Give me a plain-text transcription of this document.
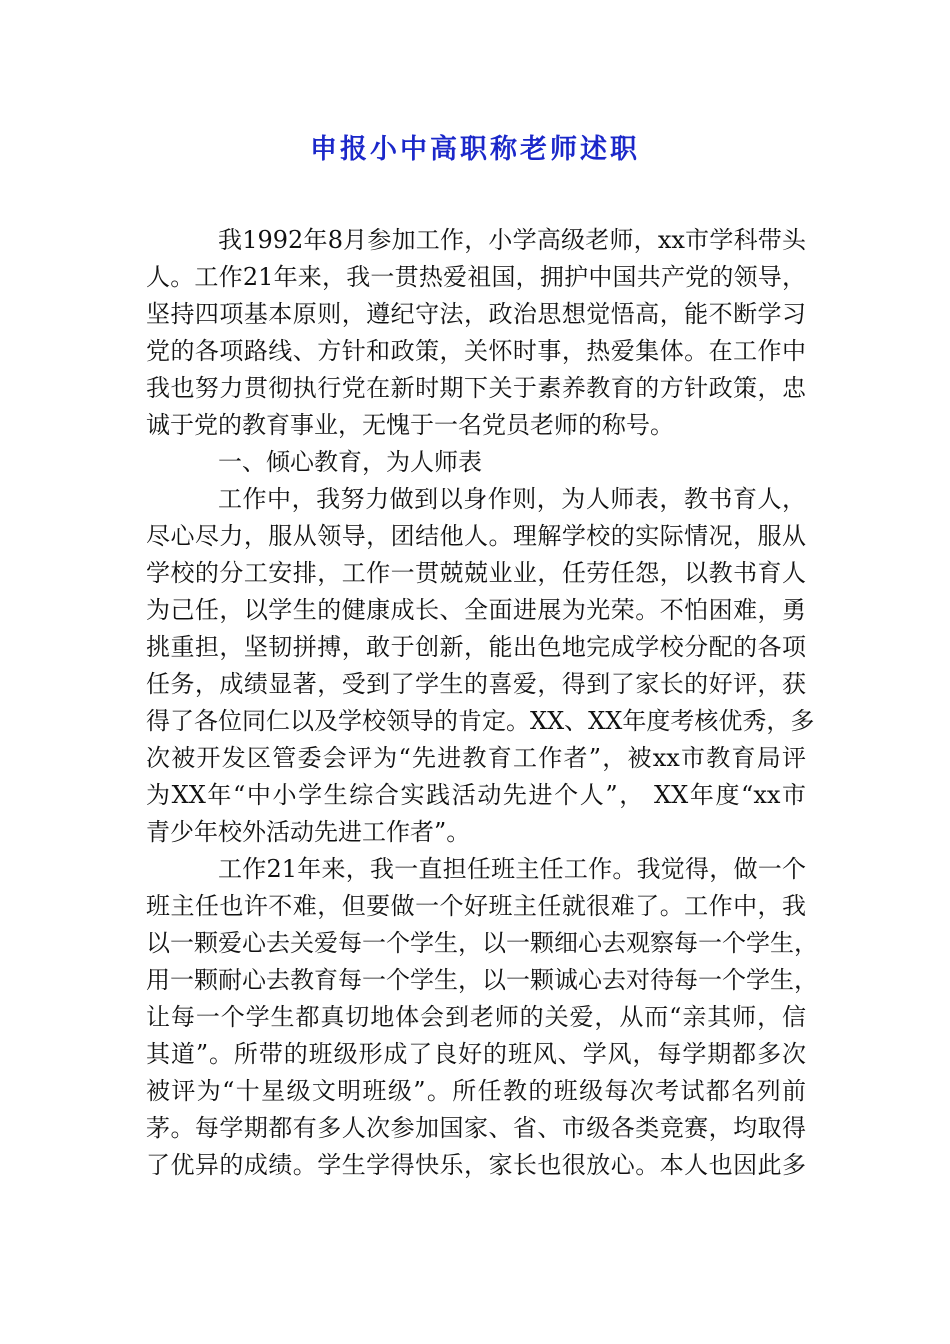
申报小中高职称老师述职
我1992年8月参加工作，小学高级老师，xx市学科带头
人。工作21年来，我一贯热爱祖国，拥护中国共产党的领导，
坚持四项基本原则，遵纪守法，政治思想觉悟高，能不断学习
党的各项路线、方针和政策，关怀时事，热爱集体。在工作中
我也努力贯彻执行党在新时期下关于素养教育的方针政策，忠
诚于党的教育事业，无愧于一名党员老师的称号。
一、倾心教育，为人师表
工作中，我努力做到以身作则，为人师表，教书育人，
尽心尽力，服从领导，团结他人。理解学校的实际情况，服从
学校的分工安排，工作一贯兢兢业业，任劳任怨，以教书育人
为己任，以学生的健康成长、全面进展为光荣。不怕困难，勇
挑重担，坚韧拼搏，敢于创新，能出色地完成学校分配的各项
任务，成绩显著，受到了学生的喜爱，得到了家长的好评，获
得了各位同仁以及学校领导的肯定。XX、XX年度考核优秀，多
次被开发区管委会评为“先进教育工作者”，被xx市教育局评
为XX年“中小学生综合实践活动先进个人”， XX年度“xx市
青少年校外活动先进工作者”。
工作21年来，我一直担任班主任工作。我觉得，做一个
班主任也许不难，但要做一个好班主任就很难了。工作中，我
以一颗爱心去关爱每一个学生，以一颗细心去观察每一个学生，
用一颗耐心去教育每一个学生，以一颗诚心去对待每一个学生，
让每一个学生都真切地体会到老师的关爱，从而“亲其师，信
其道”。所带的班级形成了良好的班风、学风，每学期都多次
被评为“十星级文明班级”。所任教的班级每次考试都名列前
茅。每学期都有多人次参加国家、省、市级各类竞赛，均取得
了优异的成绩。学生学得快乐，家长也很放心。本人也因此多
